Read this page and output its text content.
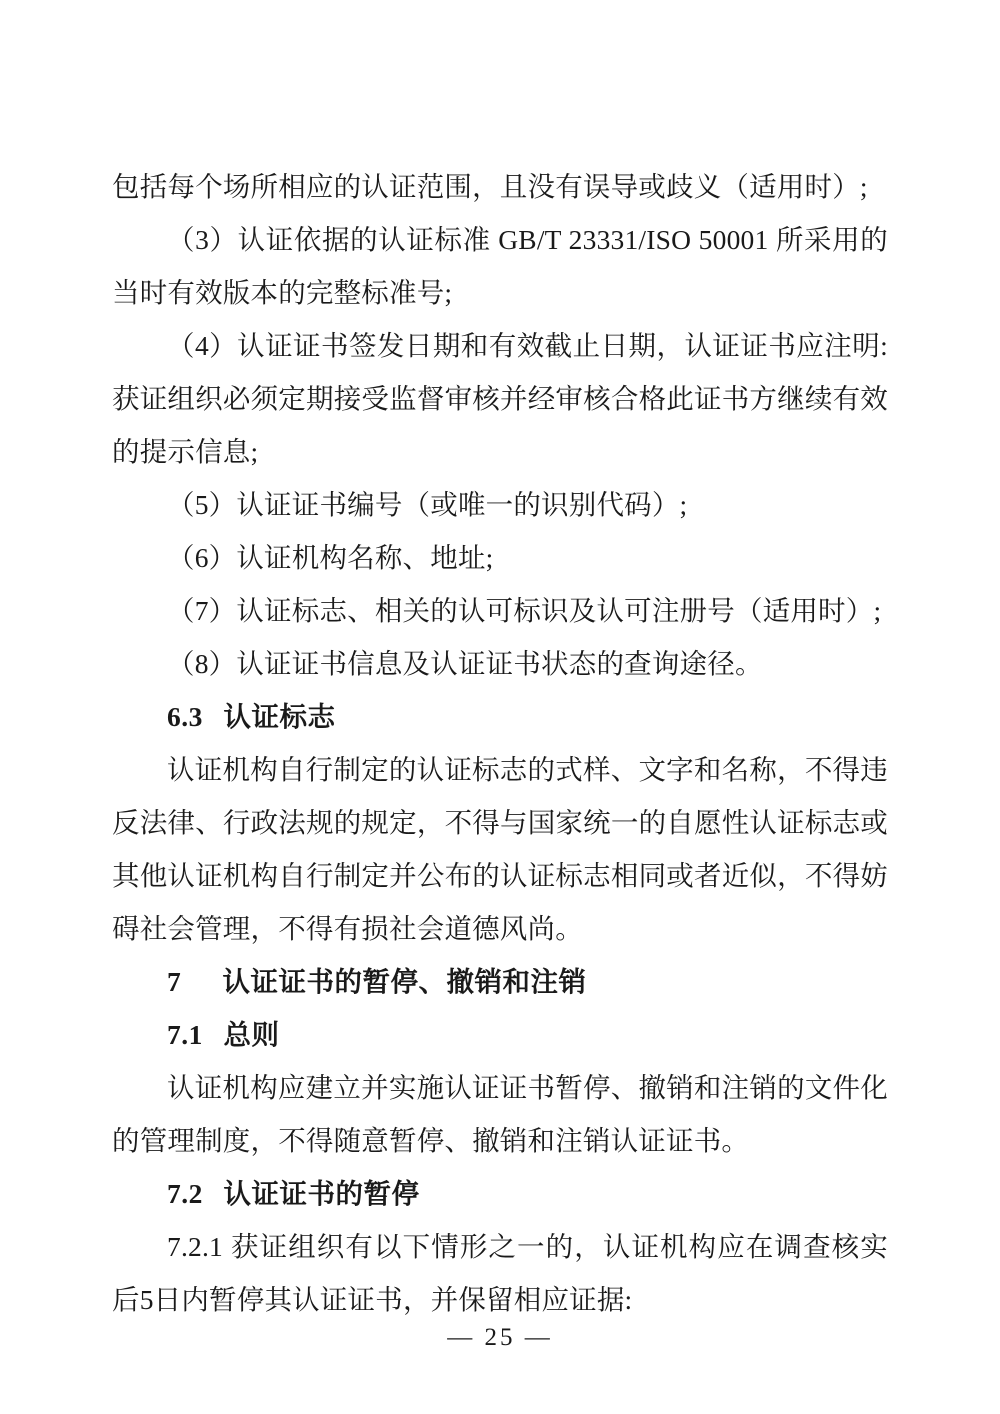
包括每个场所相应的认证范围，且没有误导或歧义（适用时）;

（3）认证依据的认证标准 GB/T 23331/ISO 50001 所采用的当时有效版本的完整标准号;

（4）认证证书签发日期和有效截止日期，认证证书应注明:获证组织必须定期接受监督审核并经审核合格此证书方继续有效的提示信息;

（5）认证证书编号（或唯一的识别代码）;

（6）认证机构名称、地址;

（7）认证标志、相关的认可标识及认可注册号（适用时）;

（8）认证证书信息及认证证书状态的查询途径。

6.3 认证标志

认证机构自行制定的认证标志的式样、文字和名称，不得违反法律、行政法规的规定，不得与国家统一的自愿性认证标志或其他认证机构自行制定并公布的认证标志相同或者近似，不得妨碍社会管理，不得有损社会道德风尚。

7 认证证书的暂停、撤销和注销

7.1 总则

认证机构应建立并实施认证证书暂停、撤销和注销的文件化的管理制度，不得随意暂停、撤销和注销认证证书。

7.2 认证证书的暂停

7.2.1 获证组织有以下情形之一的，认证机构应在调查核实后5日内暂停其认证证书，并保留相应证据:

— 25 —
